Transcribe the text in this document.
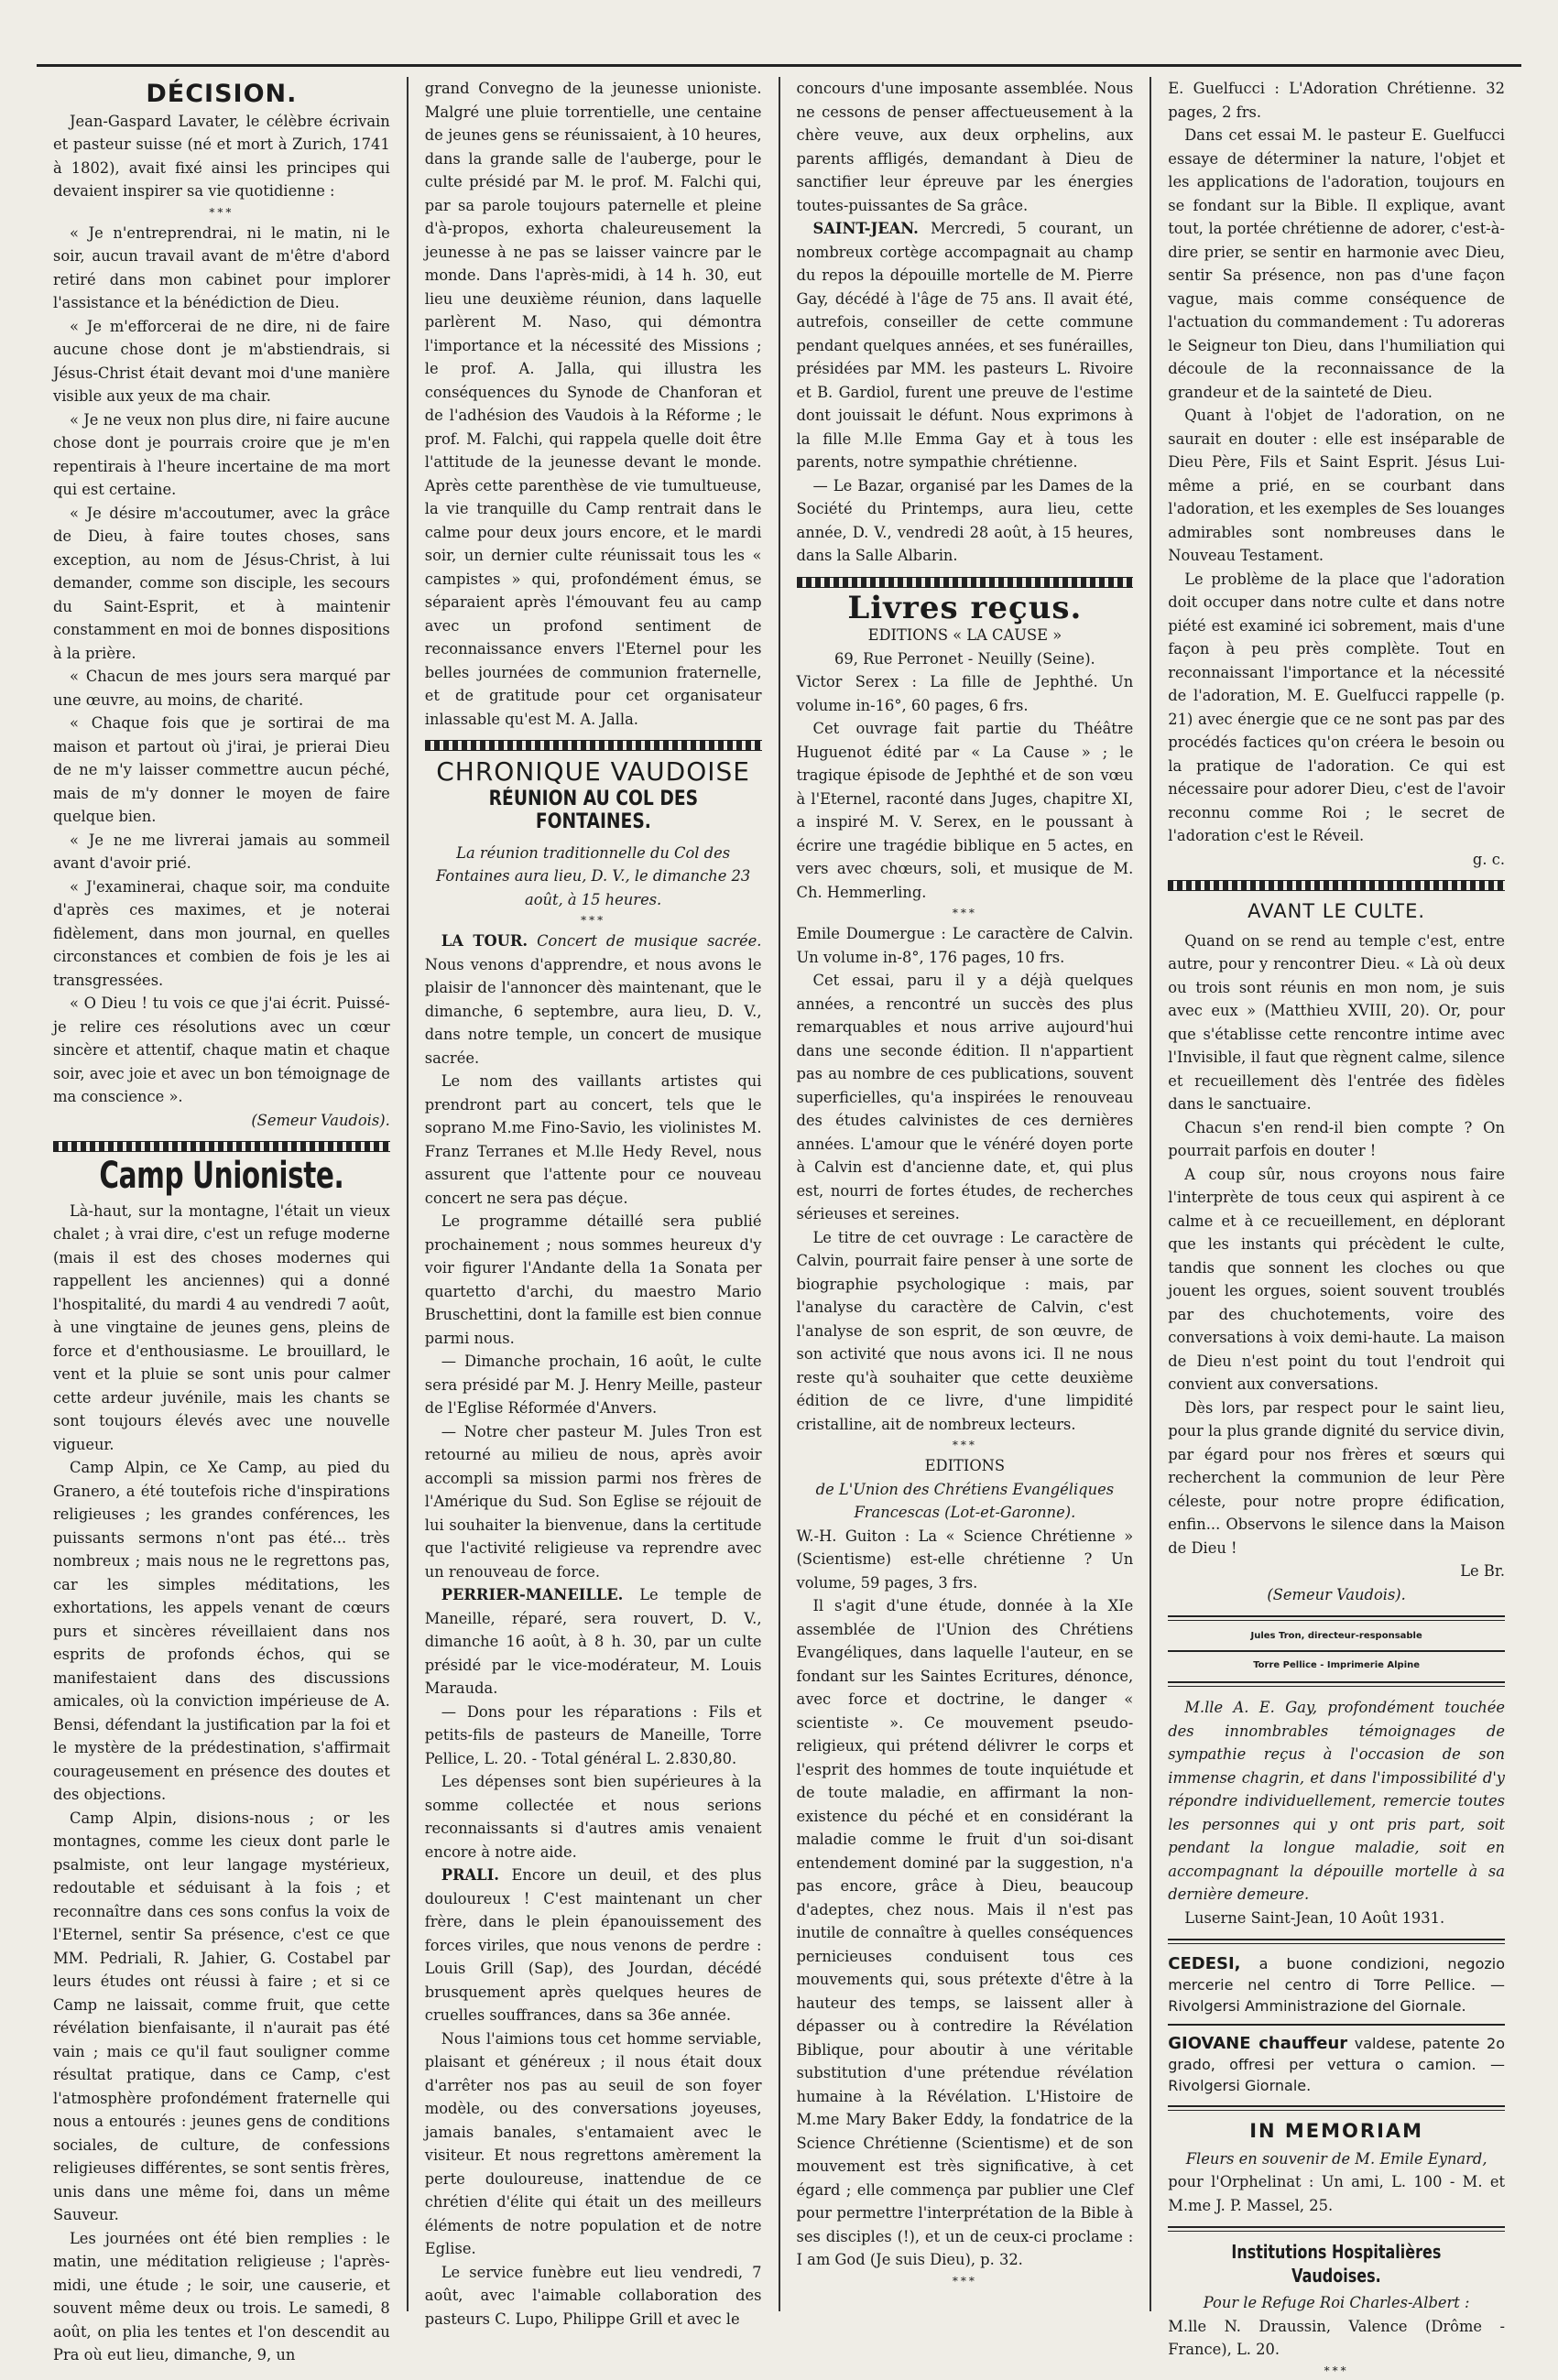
DÉCISION.

Jean-Gaspard Lavater, le célèbre écrivain et pasteur suisse (né et mort à Zurich, 1741 à 1802), avait fixé ainsi les principes qui devaient inspirer sa vie quotidienne :

***

« Je n'entreprendrai, ni le matin, ni le soir, aucun travail avant de m'être d'abord retiré dans mon cabinet pour implorer l'assistance et la bénédiction de Dieu.

« Je m'efforcerai de ne dire, ni de faire aucune chose dont je m'abstiendrais, si Jésus-Christ était devant moi d'une manière visible aux yeux de ma chair.

« Je ne veux non plus dire, ni faire aucune chose dont je pourrais croire que je m'en repentirais à l'heure incertaine de ma mort qui est certaine.

« Je désire m'accoutumer, avec la grâce de Dieu, à faire toutes choses, sans exception, au nom de Jésus-Christ, à lui demander, comme son disciple, les secours du Saint-Esprit, et à maintenir constamment en moi de bonnes dispositions à la prière.

« Chacun de mes jours sera marqué par une œuvre, au moins, de charité.

« Chaque fois que je sortirai de ma maison et partout où j'irai, je prierai Dieu de ne m'y laisser commettre aucun péché, mais de m'y donner le moyen de faire quelque bien.

« Je ne me livrerai jamais au sommeil avant d'avoir prié.

« J'examinerai, chaque soir, ma conduite d'après ces maximes, et je noterai fidèlement, dans mon journal, en quelles circonstances et combien de fois je les ai transgressées.

« O Dieu ! tu vois ce que j'ai écrit. Puissé-je relire ces résolutions avec un cœur sincère et attentif, chaque matin et chaque soir, avec joie et avec un bon témoignage de ma conscience ».

(Semeur Vaudois).
Camp Unioniste.

Là-haut, sur la montagne, l'était un vieux chalet ; à vrai dire, c'est un refuge moderne (mais il est des choses modernes qui rappellent les anciennes) qui a donné l'hospitalité, du mardi 4 au vendredi 7 août, à une vingtaine de jeunes gens, pleins de force et d'enthousiasme. Le brouillard, le vent et la pluie se sont unis pour calmer cette ardeur juvénile, mais les chants se sont toujours élevés avec une nouvelle vigueur.

Camp Alpin, ce Xe Camp, au pied du Granero, a été toutefois riche d'inspirations religieuses ; les grandes conférences, les puissants sermons n'ont pas été... très nombreux ; mais nous ne le regrettons pas, car les simples méditations, les exhortations, les appels venant de cœurs purs et sincères réveillaient dans nos esprits de profonds échos, qui se manifestaient dans des discussions amicales, où la conviction impérieuse de A. Bensi, défendant la justification par la foi et le mystère de la prédestination, s'affirmait courageusement en présence des doutes et des objections.

Camp Alpin, disions-nous ; or les montagnes, comme les cieux dont parle le psalmiste, ont leur langage mystérieux, redoutable et séduisant à la fois ; et reconnaître dans ces sons confus la voix de l'Eternel, sentir Sa présence, c'est ce que MM. Pedriali, R. Jahier, G. Costabel par leurs études ont réussi à faire ; et si ce Camp ne laissait, comme fruit, que cette révélation bienfaisante, il n'aurait pas été vain ; mais ce qu'il faut souligner comme résultat pratique, dans ce Camp, c'est l'atmosphère profondément fraternelle qui nous a entourés : jeunes gens de conditions sociales, de culture, de confessions religieuses différentes, se sont sentis frères, unis dans une même foi, dans un même Sauveur.

Les journées ont été bien remplies : le matin, une méditation religieuse ; l'après-midi, une étude ; le soir, une causerie, et souvent même deux ou trois. Le samedi, 8 août, on plia les tentes et l'on descendit au Pra où eut lieu, dimanche, 9, un

grand Convegno de la jeunesse unioniste. Malgré une pluie torrentielle, une centaine de jeunes gens se réunissaient, à 10 heures, dans la grande salle de l'auberge, pour le culte présidé par M. le prof. M. Falchi qui, par sa parole toujours paternelle et pleine d'à-propos, exhorta chaleureusement la jeunesse à ne pas se laisser vaincre par le monde. Dans l'après-midi, à 14 h. 30, eut lieu une deuxième réunion, dans laquelle parlèrent M. Naso, qui démontra l'importance et la nécessité des Missions ; le prof. A. Jalla, qui illustra les conséquences du Synode de Chanforan et de l'adhésion des Vaudois à la Réforme ; le prof. M. Falchi, qui rappela quelle doit être l'attitude de la jeunesse devant le monde. Après cette parenthèse de vie tumultueuse, la vie tranquille du Camp rentrait dans le calme pour deux jours encore, et le mardi soir, un dernier culte réunissait tous les « campistes » qui, profondément émus, se séparaient après l'émouvant feu au camp avec un profond sentiment de reconnaissance envers l'Eternel pour les belles journées de communion fraternelle, et de gratitude pour cet organisateur inlassable qu'est M. A. Jalla.

CHRONIQUE VAUDOISE
RÉUNION AU COL DES FONTAINES.

La réunion traditionnelle du Col des Fontaines aura lieu, D. V., le dimanche 23 août, à 15 heures.

***

LA TOUR. Concert de musique sacrée. Nous venons d'apprendre, et nous avons le plaisir de l'annoncer dès maintenant, que le dimanche, 6 septembre, aura lieu, D. V., dans notre temple, un concert de musique sacrée.

Le nom des vaillants artistes qui prendront part au concert, tels que le soprano M.me Fino-Savio, les violinistes M. Franz Terranes et M.lle Hedy Revel, nous assurent que l'attente pour ce nouveau concert ne sera pas déçue.

Le programme détaillé sera publié prochainement ; nous sommes heureux d'y voir figurer l'Andante della 1a Sonata per quartetto d'archi, du maestro Mario Bruschettini, dont la famille est bien connue parmi nous.

— Dimanche prochain, 16 août, le culte sera présidé par M. J. Henry Meille, pasteur de l'Eglise Réformée d'Anvers.

— Notre cher pasteur M. Jules Tron est retourné au milieu de nous, après avoir accompli sa mission parmi nos frères de l'Amérique du Sud. Son Eglise se réjouit de lui souhaiter la bienvenue, dans la certitude que l'activité religieuse va reprendre avec un renouveau de force.

PERRIER-MANEILLE. Le temple de Maneille, réparé, sera rouvert, D. V., dimanche 16 août, à 8 h. 30, par un culte présidé par le vice-modérateur, M. Louis Marauda.

— Dons pour les réparations : Fils et petits-fils de pasteurs de Maneille, Torre Pellice, L. 20. - Total général L. 2.830,80.

Les dépenses sont bien supérieures à la somme collectée et nous serions reconnaissants si d'autres amis venaient encore à notre aide.

PRALI. Encore un deuil, et des plus douloureux ! C'est maintenant un cher frère, dans le plein épanouissement des forces viriles, que nous venons de perdre : Louis Grill (Sap), des Jourdan, décédé brusquement après quelques heures de cruelles souffrances, dans sa 36e année.

Nous l'aimions tous cet homme serviable, plaisant et généreux ; il nous était doux d'arrêter nos pas au seuil de son foyer modèle, ou des conversations joyeuses, jamais banales, s'entamaient avec le visiteur. Et nous regrettons amèrement la perte douloureuse, inattendue de ce chrétien d'élite qui était un des meilleurs éléments de notre population et de notre Eglise.

Le service funèbre eut lieu vendredi, 7 août, avec l'aimable collaboration des pasteurs C. Lupo, Philippe Grill et avec le

concours d'une imposante assemblée. Nous ne cessons de penser affectueusement à la chère veuve, aux deux orphelins, aux parents affligés, demandant à Dieu de sanctifier leur épreuve par les énergies toutes-puissantes de Sa grâce.

SAINT-JEAN. Mercredi, 5 courant, un nombreux cortège accompagnait au champ du repos la dépouille mortelle de M. Pierre Gay, décédé à l'âge de 75 ans. Il avait été, autrefois, conseiller de cette commune pendant quelques années, et ses funérailles, présidées par MM. les pasteurs L. Rivoire et B. Gardiol, furent une preuve de l'estime dont jouissait le défunt. Nous exprimons à la fille M.lle Emma Gay et à tous les parents, notre sympathie chrétienne.

— Le Bazar, organisé par les Dames de la Société du Printemps, aura lieu, cette année, D. V., vendredi 28 août, à 15 heures, dans la Salle Albarin.

Livres reçus.
EDITIONS « LA CAUSE »
69, Rue Perronet - Neuilly (Seine).

Victor Serex : La fille de Jephthé. Un volume in-16°, 60 pages, 6 frs.

Cet ouvrage fait partie du Théâtre Huguenot édité par « La Cause » ; le tragique épisode de Jephthé et de son vœu à l'Eternel, raconté dans Juges, chapitre XI, a inspiré M. V. Serex, en le poussant à écrire une tragédie biblique en 5 actes, en vers avec chœurs, soli, et musique de M. Ch. Hemmerling.

***

Emile Doumergue : Le caractère de Calvin. Un volume in-8°, 176 pages, 10 frs.

Cet essai, paru il y a déjà quelques années, a rencontré un succès des plus remarquables et nous arrive aujourd'hui dans une seconde édition. Il n'appartient pas au nombre de ces publications, souvent superficielles, qu'a inspirées le renouveau des études calvinistes de ces dernières années. L'amour que le vénéré doyen porte à Calvin est d'ancienne date, et, qui plus est, nourri de fortes études, de recherches sérieuses et sereines.

Le titre de cet ouvrage : Le caractère de Calvin, pourrait faire penser à une sorte de biographie psychologique : mais, par l'analyse du caractère de Calvin, c'est l'analyse de son esprit, de son œuvre, de son activité que nous avons ici. Il ne nous reste qu'à souhaiter que cette deuxième édition de ce livre, d'une limpidité cristalline, ait de nombreux lecteurs.

***
EDITIONS

de L'Union des Chrétiens Evangéliques Francescas (Lot-et-Garonne).

W.-H. Guiton : La « Science Chrétienne » (Scientisme) est-elle chrétienne ? Un volume, 59 pages, 3 frs.

Il s'agit d'une étude, donnée à la XIe assemblée de l'Union des Chrétiens Evangéliques, dans laquelle l'auteur, en se fondant sur les Saintes Ecritures, dénonce, avec force et doctrine, le danger « scientiste ». Ce mouvement pseudo-religieux, qui prétend délivrer le corps et l'esprit des hommes de toute inquiétude et de toute maladie, en affirmant la non-existence du péché et en considérant la maladie comme le fruit d'un soi-disant entendement dominé par la suggestion, n'a pas encore, grâce à Dieu, beaucoup d'adeptes, chez nous. Mais il n'est pas inutile de connaître à quelles conséquences pernicieuses conduisent tous ces mouvements qui, sous prétexte d'être à la hauteur des temps, se laissent aller à dépasser ou à contredire la Révélation Biblique, pour aboutir à une véritable substitution d'une prétendue révélation humaine à la Révélation. L'Histoire de M.me Mary Baker Eddy, la fondatrice de la Science Chrétienne (Scientisme) et de son mouvement est très significative, à cet égard ; elle commença par publier une Clef pour permettre l'interprétation de la Bible à ses disciples (!), et un de ceux-ci proclame : I am God (Je suis Dieu), p. 32.

***

E. Guelfucci : L'Adoration Chrétienne. 32 pages, 2 frs.

Dans cet essai M. le pasteur E. Guelfucci essaye de déterminer la nature, l'objet et les applications de l'adoration, toujours en se fondant sur la Bible. Il explique, avant tout, la portée chrétienne de adorer, c'est-à-dire prier, se sentir en harmonie avec Dieu, sentir Sa présence, non pas d'une façon vague, mais comme conséquence de l'actuation du commandement : Tu adoreras le Seigneur ton Dieu, dans l'humiliation qui découle de la reconnaissance de la grandeur et de la sainteté de Dieu.

Quant à l'objet de l'adoration, on ne saurait en douter : elle est inséparable de Dieu Père, Fils et Saint Esprit. Jésus Lui-même a prié, en se courbant dans l'adoration, et les exemples de Ses louanges admirables sont nombreuses dans le Nouveau Testament.

Le problème de la place que l'adoration doit occuper dans notre culte et dans notre piété est examiné ici sobrement, mais d'une façon à peu près complète. Tout en reconnaissant l'importance et la nécessité de l'adoration, M. E. Guelfucci rappelle (p. 21) avec énergie que ce ne sont pas par des procédés factices qu'on créera le besoin ou la pratique de l'adoration. Ce qui est nécessaire pour adorer Dieu, c'est de l'avoir reconnu comme Roi ; le secret de l'adoration c'est le Réveil.

g. c.
AVANT LE CULTE.

Quand on se rend au temple c'est, entre autre, pour y rencontrer Dieu. « Là où deux ou trois sont réunis en mon nom, je suis avec eux » (Matthieu XVIII, 20). Or, pour que s'établisse cette rencontre intime avec l'Invisible, il faut que règnent calme, silence et recueillement dès l'entrée des fidèles dans le sanctuaire.

Chacun s'en rend-il bien compte ? On pourrait parfois en douter !

A coup sûr, nous croyons nous faire l'interprète de tous ceux qui aspirent à ce calme et à ce recueillement, en déplorant que les instants qui précèdent le culte, tandis que sonnent les cloches ou que jouent les orgues, soient souvent troublés par des chuchotements, voire des conversations à voix demi-haute. La maison de Dieu n'est point du tout l'endroit qui convient aux conversations.

Dès lors, par respect pour le saint lieu, pour la plus grande dignité du service divin, par égard pour nos frères et sœurs qui recherchent la communion de leur Père céleste, pour notre propre édification, enfin... Observons le silence dans la Maison de Dieu !

Le Br.
(Semeur Vaudois).
Jules Tron, directeur-responsable
Torre Pellice - Imprimerie Alpine

M.lle A. E. Gay, profondément touchée des innombrables témoignages de sympathie reçus à l'occasion de son immense chagrin, et dans l'impossibilité d'y répondre individuellement, remercie toutes les personnes qui y ont pris part, soit pendant la longue maladie, soit en accompagnant la dépouille mortelle à sa dernière demeure.

Luserne Saint-Jean, 10 Août 1931.

CEDESI, a buone condizioni, negozio mercerie nel centro di Torre Pellice. — Rivolgersi Amministrazione del Giornale.

GIOVANE chauffeur valdese, patente 2o grado, offresi per vettura o camion. — Rivolgersi Giornale.

IN MEMORIAM

Fleurs en souvenir de M. Emile Eynard,

pour l'Orphelinat : Un ami, L. 100 - M. et M.me J. P. Massel, 25.

Institutions Hospitalières Vaudoises.

Pour le Refuge Roi Charles-Albert :

M.lle N. Draussin, Valence (Drôme - France), L. 20.

***
